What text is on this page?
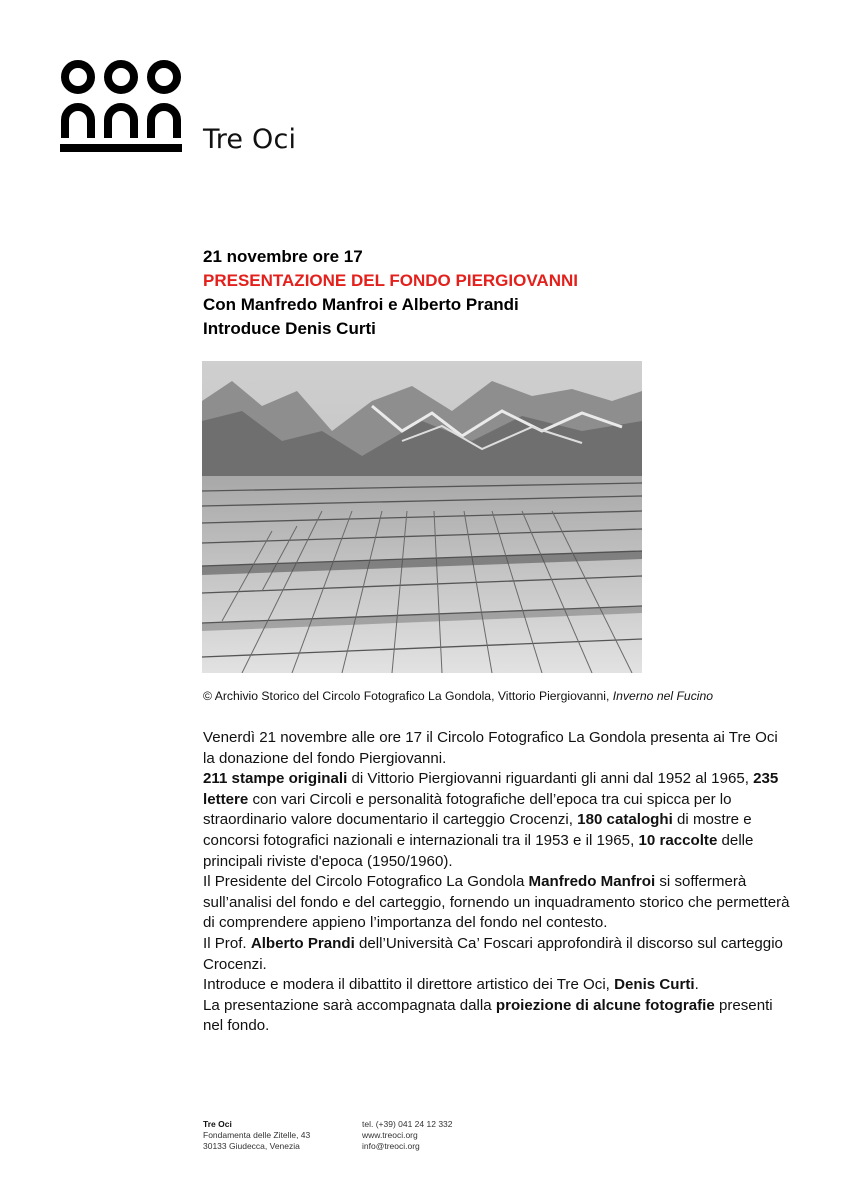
Tre Oci
21 novembre ore 17
PRESENTAZIONE DEL FONDO PIERGIOVANNI
Con Manfredo Manfroi e Alberto Prandi
Introduce Denis Curti
© Archivio Storico del Circolo Fotografico La Gondola, Vittorio Piergiovanni, Inverno nel Fucino

Venerdì 21 novembre alle ore 17 il Circolo Fotografico La Gondola presenta ai Tre Oci la donazione del fondo Piergiovanni.

211 stampe originali di Vittorio Piergiovanni riguardanti gli anni dal 1952 al 1965, 235 lettere con vari Circoli e personalità fotografiche dell’epoca tra cui spicca per lo straordinario valore documentario il carteggio Crocenzi, 180 cataloghi di mostre e concorsi fotografici nazionali e internazionali tra il 1953 e il 1965, 10 raccolte delle principali riviste d'epoca (1950/1960).

Il Presidente del Circolo Fotografico La Gondola Manfredo Manfroi si soffermerà sull’analisi del fondo e del carteggio, fornendo un inquadramento storico che permetterà di comprendere appieno l’importanza del fondo nel contesto.

Il Prof. Alberto Prandi dell’Università Ca’ Foscari approfondirà il discorso sul carteggio Crocenzi.

Introduce e modera il dibattito il direttore artistico dei Tre Oci, Denis Curti.

La presentazione sarà accompagnata dalla proiezione di alcune fotografie presenti nel fondo.

Tre Oci
Fondamenta delle Zitelle, 43
30133 Giudecca, Venezia
tel. (+39) 041 24 12 332
www.treoci.org
info@treoci.org
